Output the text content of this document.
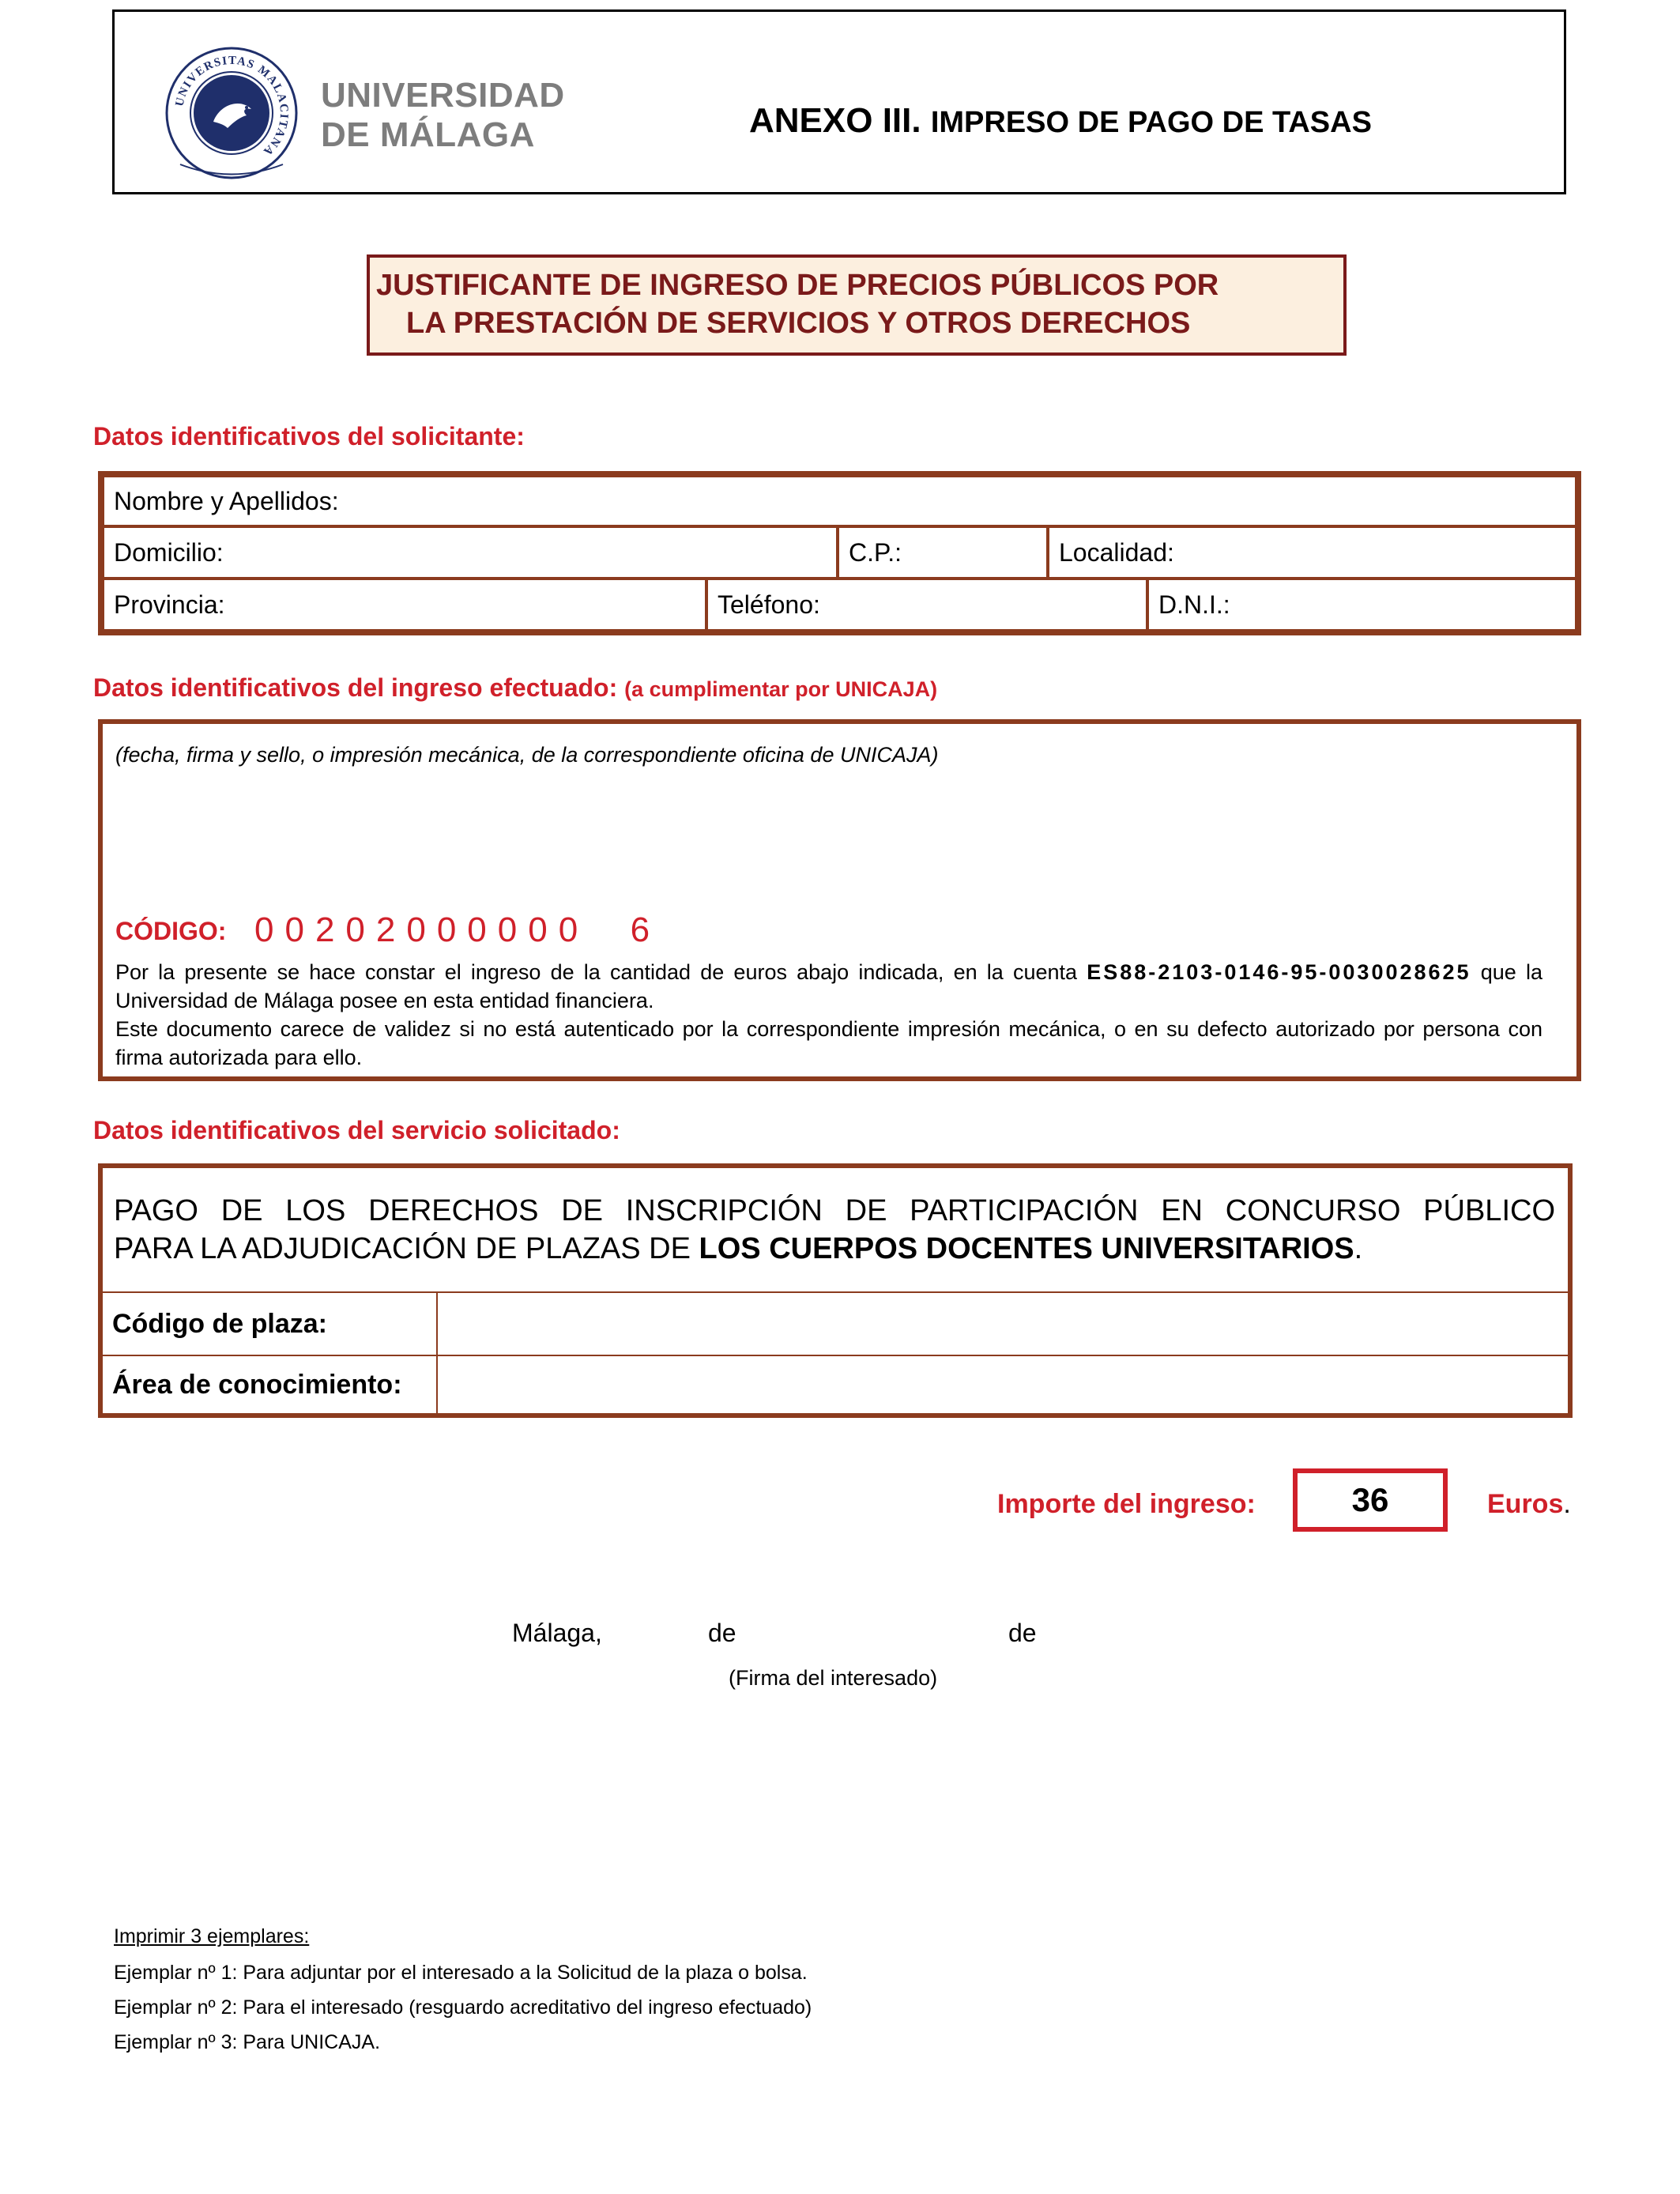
UNIVERSITAS MALACITANA
UNIVERSIDAD
DE MÁLAGA	ANEXO III. IMPRESO DE PAGO DE TASAS
JUSTIFICANTE DE INGRESO DE PRECIOS PÚBLICOS POR
LA PRESTACIÓN DE SERVICIOS Y OTROS DERECHOS
Datos identificativos del solicitante:
Nombre y Apellidos:
Domicilio:	C.P.:	Localidad:
Provincia:	Teléfono:	D.N.I.:
Datos identificativos del ingreso efectuado: (a cumplimentar por UNICAJA)
(fecha, firma y sello, o impresión mecánica, de la correspondiente oficina de UNICAJA)
CÓDIGO: 00202000000  6
Por la presente se hace constar el ingreso de la cantidad de euros abajo indicada, en la cuenta ES88-2103-0146-95-0030028625 que la Universidad de Málaga posee en esta entidad financiera.
Este documento carece de validez si no está autenticado por la correspondiente impresión mecánica, o en su defecto autorizado por persona con firma autorizada para ello.
Datos identificativos del servicio solicitado:
PAGO DE LOS DERECHOS DE INSCRIPCIÓN DE PARTICIPACIÓN EN CONCURSO PÚBLICO
PARA LA ADJUDICACIÓN DE PLAZAS DE LOS CUERPOS DOCENTES UNIVERSITARIOS.
Código de plaza:
Área de conocimiento:
Importe del ingreso:	36	Euros.
Málaga,	de	de
(Firma del interesado)
Imprimir 3 ejemplares:
Ejemplar nº 1: Para adjuntar por el interesado a la Solicitud de la plaza o bolsa.
Ejemplar nº 2: Para el interesado (resguardo acreditativo del ingreso efectuado)
Ejemplar nº 3: Para UNICAJA.
